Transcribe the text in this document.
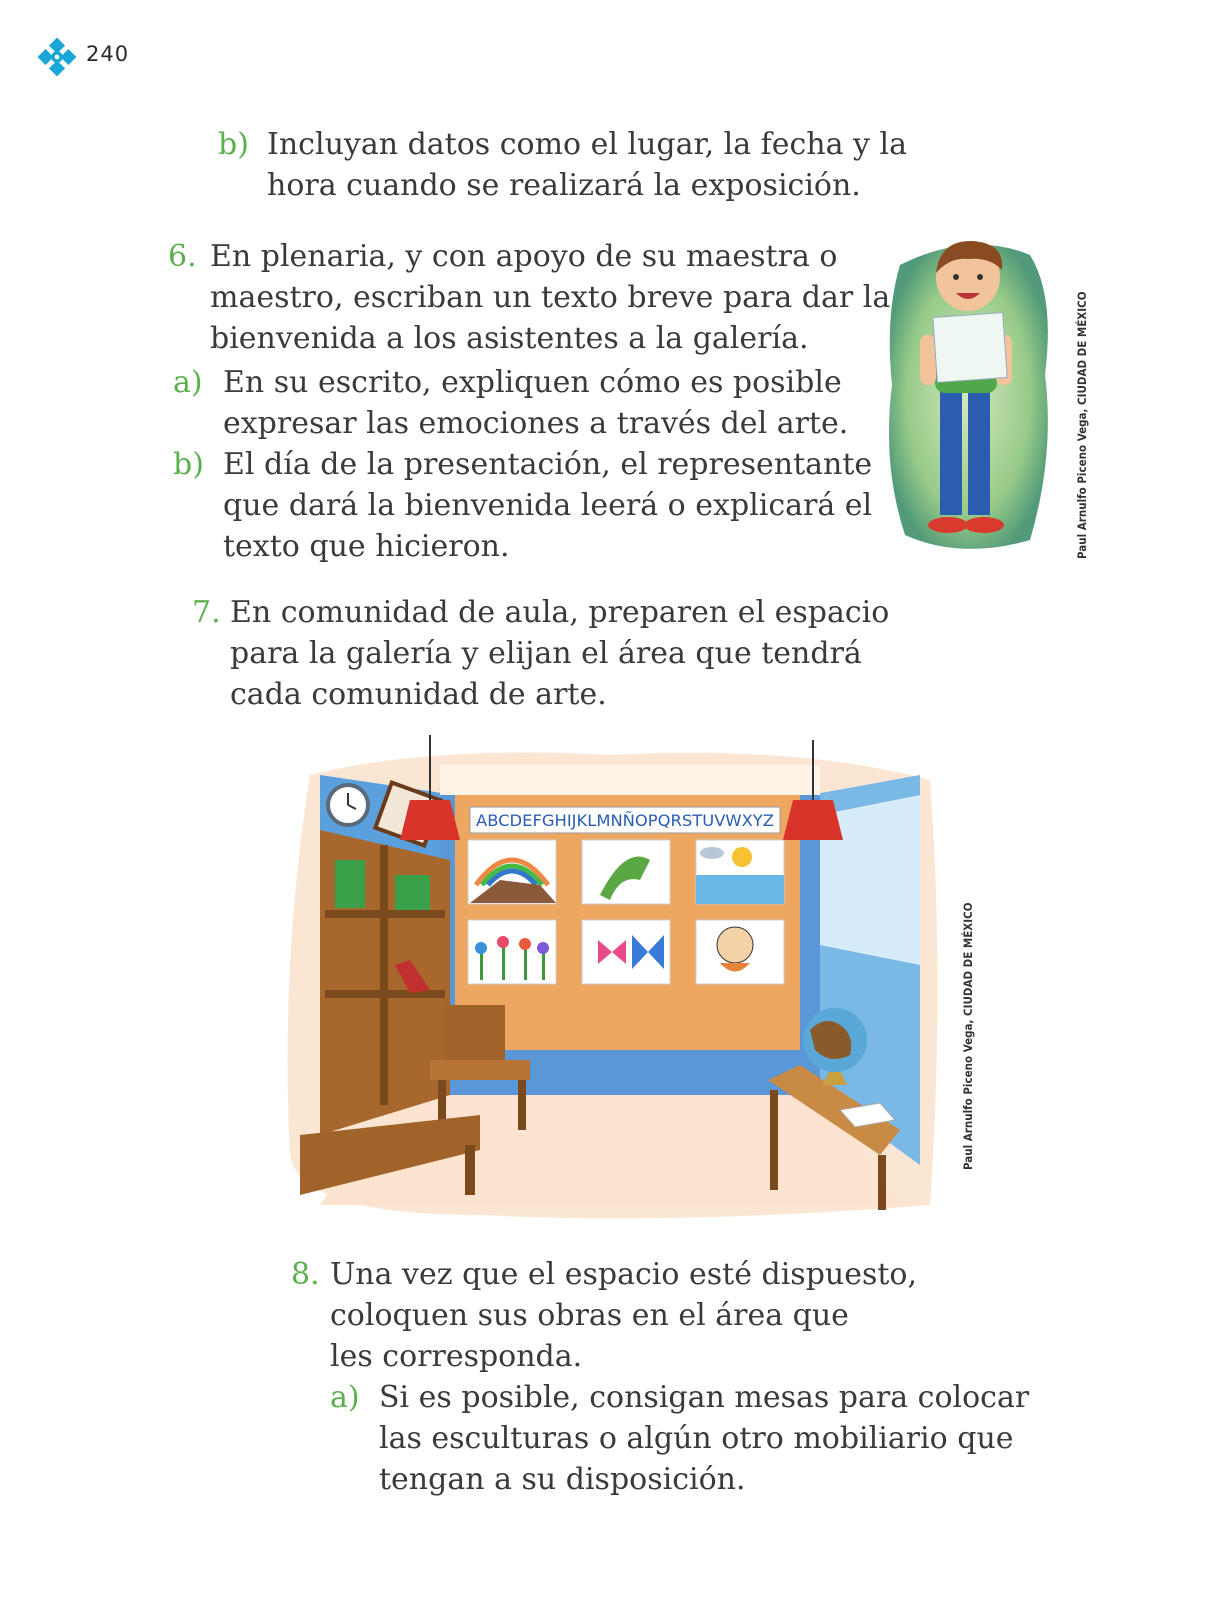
240
b) Incluyan datos como el lugar, la fecha y la
hora cuando se realizará la exposición.
6. En plenaria, y con apoyo de su maestra o
maestro, escriban un texto breve para dar la
bienvenida a los asistentes a la galería.
a) En su escrito, expliquen cómo es posible
expresar las emociones a través del arte.
b) El día de la presentación, el representante
que dará la bienvenida leerá o explicará el
texto que hicieron.	Paul Arnulfo Piceno Vega, CIUDAD DE MÉXICO
7. En comunidad de aula, preparen el espacio
para la galería y elijan el área que tendrá
cada comunidad de arte.
ABCDEFGHIJKLMNÑOPQRSTUVWXYZ
Paul Arnulfo Piceno Vega, CIUDAD DE MÉXICO
8. Una vez que el espacio esté dispuesto,
coloquen sus obras en el área que
les corresponda.
a) Si es posible, consigan mesas para colocar
las esculturas o algún otro mobiliario que
tengan a su disposición.
